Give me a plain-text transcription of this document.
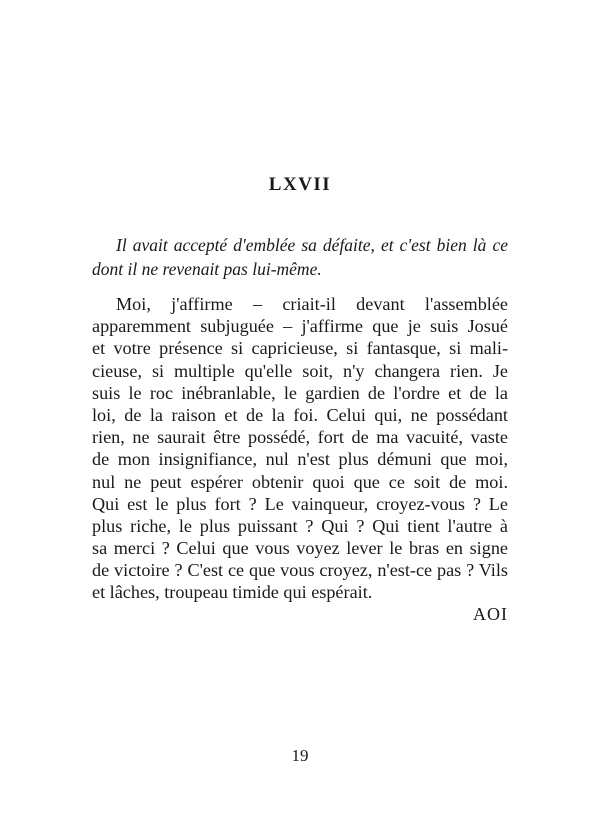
LXVII

Il avait accepté d'emblée sa défaite, et c'est bien là ce dont il ne revenait pas lui-même.

Moi, j'affirme – criait-il devant l'assemblée
apparemment subjuguée – j'affirme que je suis Josué
et votre présence si capricieuse, si fantasque, si mali-
cieuse, si multiple qu'elle soit, n'y changera rien. Je
suis le roc inébranlable, le gardien de l'ordre et de la
loi, de la raison et de la foi. Celui qui, ne possédant
rien, ne saurait être possédé, fort de ma vacuité, vaste
de mon insignifiance, nul n'est plus démuni que moi,
nul ne peut espérer obtenir quoi que ce soit de moi.
Qui est le plus fort ? Le vainqueur, croyez-vous ? Le
plus riche, le plus puissant ? Qui ? Qui tient l'autre à
sa merci ? Celui que vous voyez lever le bras en signe
de victoire ? C'est ce que vous croyez, n'est-ce pas ? Vils
et lâches, troupeau timide qui espérait.
AOI
19
